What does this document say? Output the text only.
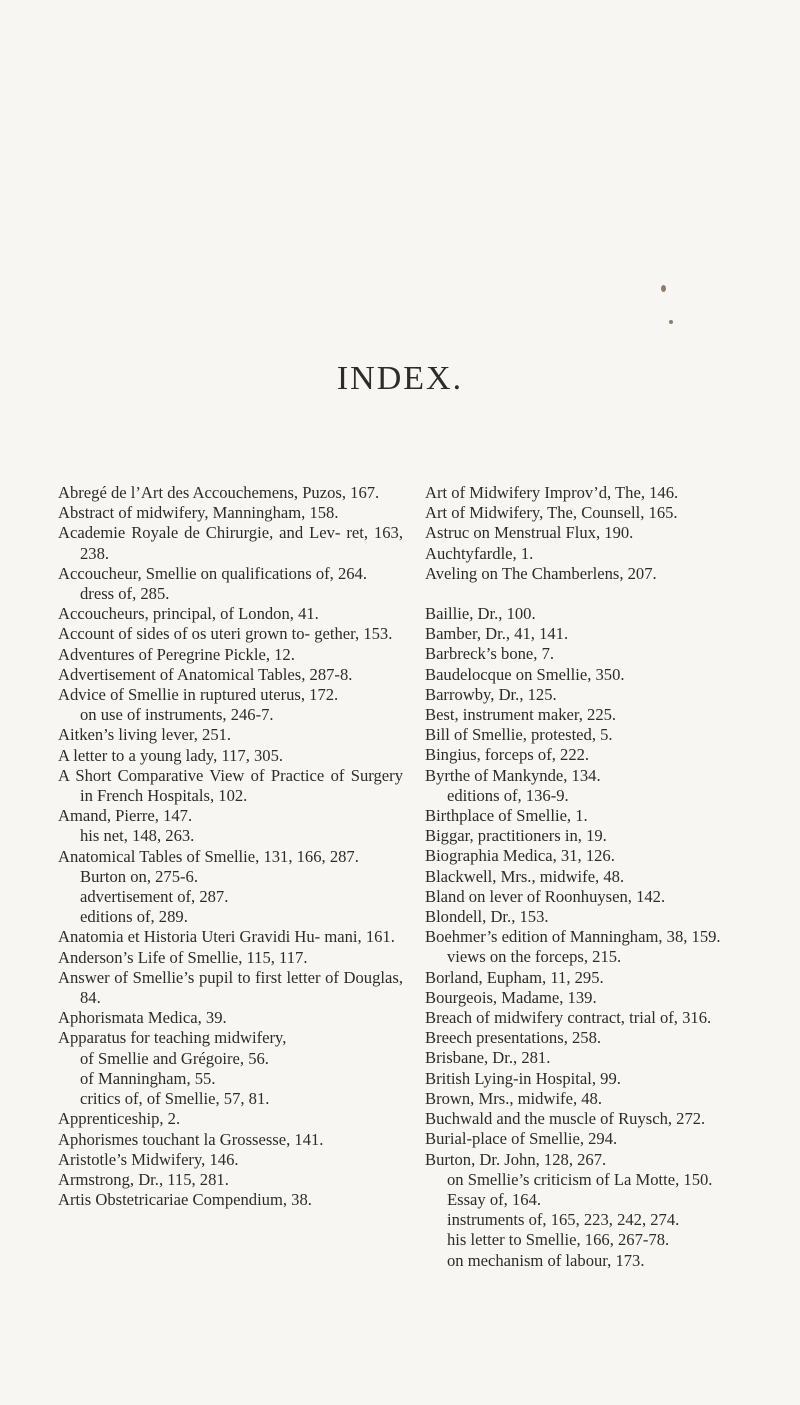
INDEX.

Abregé de l’Art des Accouchemens, Puzos, 167.

Abstract of midwifery, Manningham, 158.

Academie Royale de Chirurgie, and Lev- ret, 163, 238.

Accoucheur, Smellie on qualifications of, 264.

dress of, 285.

Accoucheurs, principal, of London, 41.

Account of sides of os uteri grown to- gether, 153.

Adventures of Peregrine Pickle, 12.

Advertisement of Anatomical Tables, 287-8.

Advice of Smellie in ruptured uterus, 172.

on use of instruments, 246-7.

Aitken’s living lever, 251.

A letter to a young lady, 117, 305.

A Short Comparative View of Practice of Surgery in French Hospitals, 102.

Amand, Pierre, 147.

his net, 148, 263.

Anatomical Tables of Smellie, 131, 166, 287.

Burton on, 275-6.

advertisement of, 287.

editions of, 289.

Anatomia et Historia Uteri Gravidi Hu- mani, 161.

Anderson’s Life of Smellie, 115, 117.

Answer of Smellie’s pupil to first letter of Douglas, 84.

Aphorismata Medica, 39.

Apparatus for teaching midwifery,

of Smellie and Grégoire, 56.

of Manningham, 55.

critics of, of Smellie, 57, 81.

Apprenticeship, 2.

Aphorismes touchant la Grossesse, 141.

Aristotle’s Midwifery, 146.

Armstrong, Dr., 115, 281.

Artis Obstetricariae Compendium, 38.

Art of Midwifery Improv’d, The, 146.

Art of Midwifery, The, Counsell, 165.

Astruc on Menstrual Flux, 190.

Auchtyfardle, 1.

Aveling on The Chamberlens, 207.

Baillie, Dr., 100.

Bamber, Dr., 41, 141.

Barbreck’s bone, 7.

Baudelocque on Smellie, 350.

Barrowby, Dr., 125.

Best, instrument maker, 225.

Bill of Smellie, protested, 5.

Bingius, forceps of, 222.

Byrthe of Mankynde, 134.

editions of, 136-9.

Birthplace of Smellie, 1.

Biggar, practitioners in, 19.

Biographia Medica, 31, 126.

Blackwell, Mrs., midwife, 48.

Bland on lever of Roonhuysen, 142.

Blondell, Dr., 153.

Boehmer’s edition of Manningham, 38, 159.

views on the forceps, 215.

Borland, Eupham, 11, 295.

Bourgeois, Madame, 139.

Breach of midwifery contract, trial of, 316.

Breech presentations, 258.

Brisbane, Dr., 281.

British Lying-in Hospital, 99.

Brown, Mrs., midwife, 48.

Buchwald and the muscle of Ruysch, 272.

Burial-place of Smellie, 294.

Burton, Dr. John, 128, 267.

on Smellie’s criticism of La Motte, 150.

Essay of, 164.

instruments of, 165, 223, 242, 274.

his letter to Smellie, 166, 267-78.

on mechanism of labour, 173.
